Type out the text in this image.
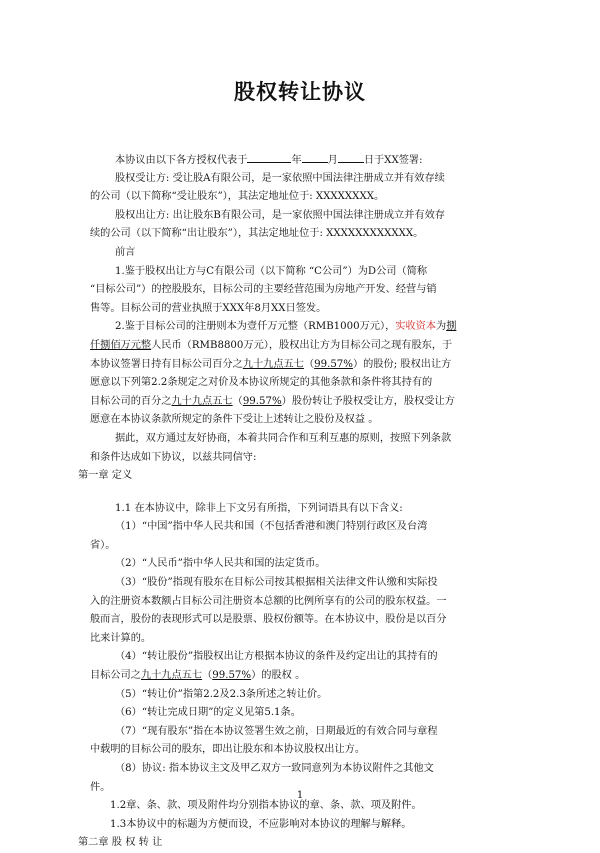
股权转让协议
本协议由以下各方授权代表于	年	月	日于XX签署:
股权受让方: 受让股A有限公司，是一家依照中国法律注册成立并有效存续
的公司（以下简称“受让股东”），其法定地址位于: XXXXXXXX。
股权出让方: 出让股东B有限公司，是一家依照中国法律注册成立并有效存
续的公司（以下简称“出让股东”），其法定地址位于: XXXXXXXXXXXX。
前言
1.鉴于股权出让方与C有限公司（以下简称 “C公司”）为D公司（简称
“目标公司”）的控股股东，目标公司的主要经营范围为房地产开发、经营与销
售等。目标公司的营业执照于XXX年8月XX日签发。
2.鉴于目标公司的注册则本为壹仟万元整（RMB1000万元），实收资本为捌
仟捌佰万元整人民币（RMB8800万元），股权出让方为目标公司之现有股东，于
本协议签署日持有目标公司百分之九十九点五七（99.57%）的股份; 股权出让方
愿意以下列第2.2条规定之对价及本协议所规定的其他条款和条件将其持有的
目标公司的百分之九十九点五七（99.57%）股份转让予股权受让方，股权受让方
愿意在本协议条款所规定的条件下受让上述转让之股份及权益 。
据此，双方通过友好协商，本着共同合作和互利互惠的原则，按照下列条款
和条件达成如下协议，以兹共同信守:
第一章 定义
1.1 在本协议中，除非上下文另有所指，下列词语具有以下含义:
（1）“中国”指中华人民共和国（不包括香港和澳门特别行政区及台湾
省）。
（2）“人民币”指中华人民共和国的法定货币。
（3）“股份”指现有股东在目标公司按其根据相关法律文件认缴和实际投
入的注册资本数额占目标公司注册资本总额的比例所享有的公司的股东权益。一
般而言，股份的表现形式可以是股票、股权份额等。在本协议中，股份是以百分
比来计算的。
（4）“转让股份”指股权出让方根据本协议的条件及约定出让的其持有的
目标公司之九十九点五七（99.57%）的股权 。
（5）“转让价”指第2.2及2.3条所述之转让价。
（6）“转让完成日期”的定义见第5.1条。
（7）“现有股东”指在本协议签署生效之前，日期最近的有效合同与章程
中载明的目标公司的股东，即出让股东和本协议股权出让方。
（8）协议: 指本协议主文及甲乙双方一致同意列为本协议附件之其他文
件。
1.2章、条、款、项及附件均分别指本协议的章、条、款、项及附件。
1.3本协议中的标题为方便而设，不应影响对本协议的理解与解释。
第二章 股 权 转 让
1
